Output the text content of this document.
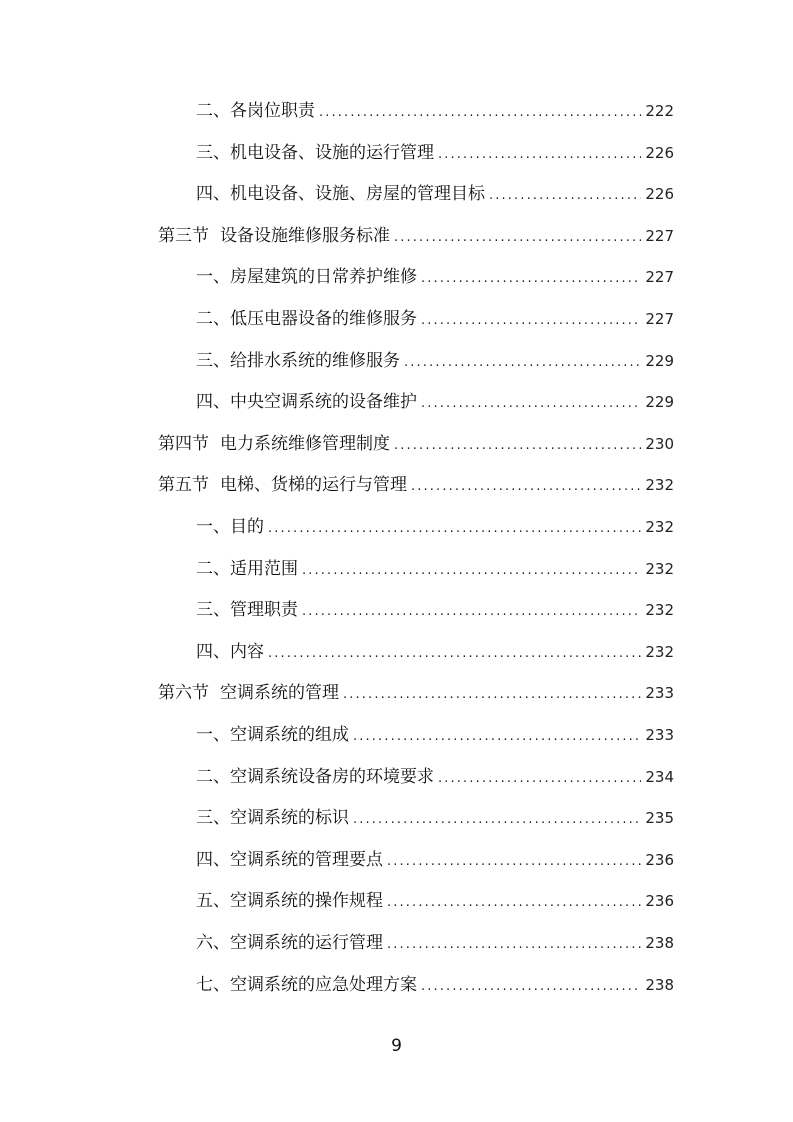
二、 各岗位职责 . . .	222
三、 机电设备、设施的运行管理 . . .	226
四、 机电设备、设施、房屋的管理目标 . . .	226
第三节 设备设施维修服务标准 . . .	227
一、 房屋建筑的日常养护维修 . . .	227
二、 低压电器设备的维修服务 . . .	227
三、 给排水系统的维修服务 . . .	229
四、 中央空调系统的设备维护 . . .	229
第四节 电力系统维修管理制度 . . .	230
第五节 电梯、货梯的运行与管理 . . .	232
一、 目的 . . .	232
二、 适用范围 . . .	232
三、 管理职责 . . .	232
四、 内容 . . .	232
第六节 空调系统的管理 . . .	233
一、 空调系统的组成 . . .	233
二、 空调系统设备房的环境要求 . . .	234
三、 空调系统的标识 . . .	235
四、 空调系统的管理要点 . . .	236
五、 空调系统的操作规程 . . .	236
六、 空调系统的运行管理 . . .	238
七、 空调系统的应急处理方案 . . .	238
9
